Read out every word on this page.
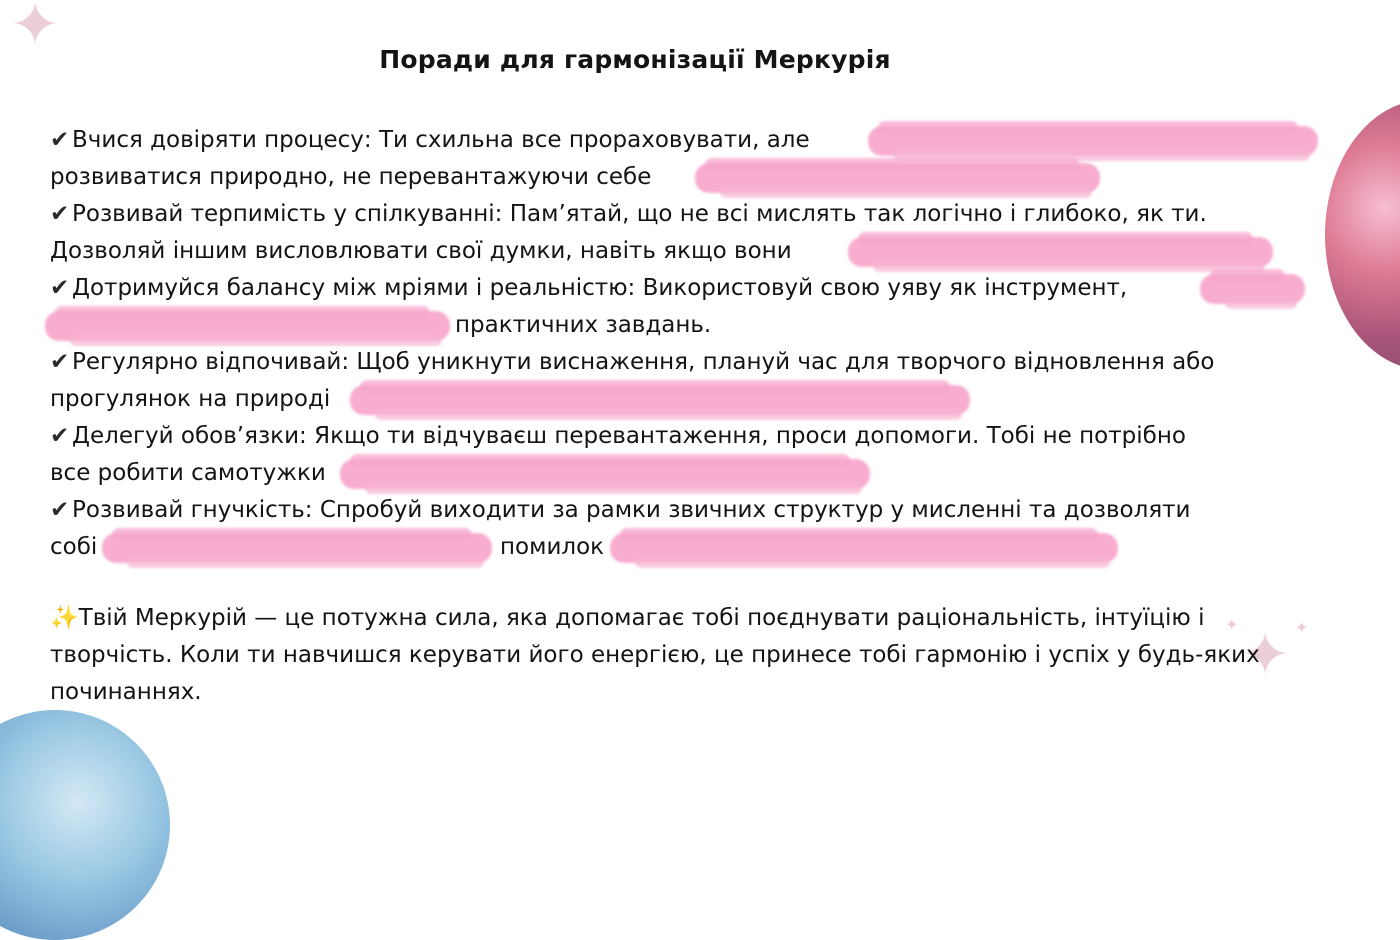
✦
✦ ✦
✦
Поради для гармонізації Меркурія
✔ Вчися довіряти процесу: Ти схильна все прораховувати, але
розвиватися природно, не перевантажуючи себе
✔ Розвивай терпимість у спілкуванні: Пам’ятай, що не всі мислять так логічно і глибоко, як ти.
Дозволяй іншим висловлювати свої думки, навіть якщо вони
✔ Дотримуйся балансу між мріями і реальністю: Використовуй свою уяву як інструмент,
практичних завдань.
✔ Регулярно відпочивай: Щоб уникнути виснаження, плануй час для творчого відновлення або
прогулянок на природі
✔ Делегуй обов’язки: Якщо ти відчуваєш перевантаження, проси допомоги. Тобі не потрібно
все робити самотужки
✔ Розвивай гнучкість: Спробуй виходити за рамки звичних структур у мисленні та дозволяти
собі	помилок
✨Твій Меркурій — це потужна сила, яка допомагає тобі поєднувати раціональність, інтуїцію і
творчість. Коли ти навчишся керувати його енергією, це принесе тобі гармонію і успіх у будь-яких
починаннях.
